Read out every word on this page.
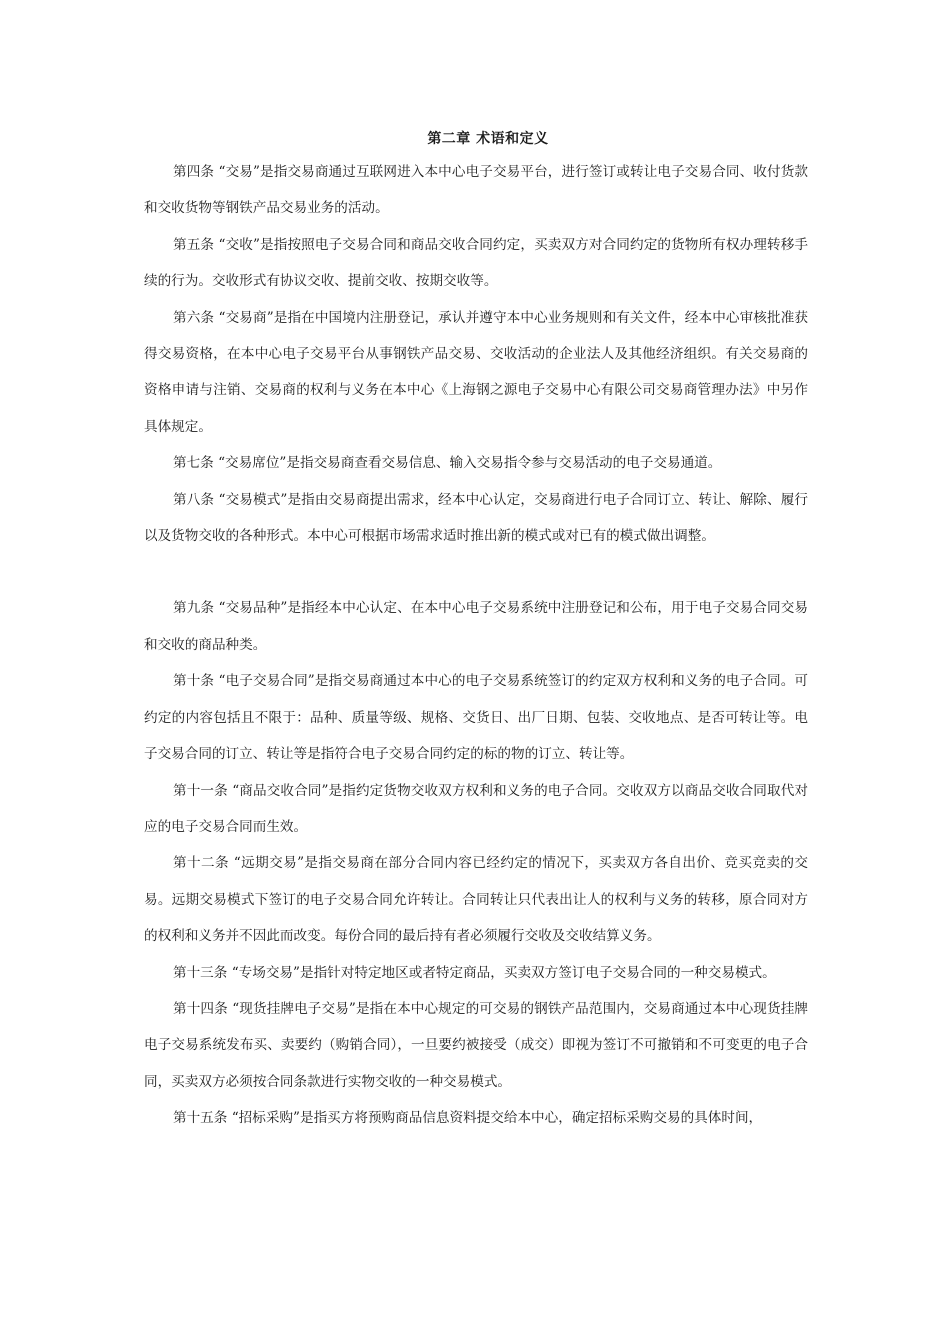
第二章 术语和定义

第四条 “交易”是指交易商通过互联网进入本中心电子交易平台，进行签订或转让电子交易合同、收付货款和交收货物等钢铁产品交易业务的活动。

第五条 “交收”是指按照电子交易合同和商品交收合同约定，买卖双方对合同约定的货物所有权办理转移手续的行为。交收形式有协议交收、提前交收、按期交收等。

第六条 “交易商”是指在中国境内注册登记，承认并遵守本中心业务规则和有关文件，经本中心审核批准获得交易资格，在本中心电子交易平台从事钢铁产品交易、交收活动的企业法人及其他经济组织。有关交易商的资格申请与注销、交易商的权利与义务在本中心《上海钢之源电子交易中心有限公司交易商管理办法》中另作具体规定。

第七条 “交易席位”是指交易商查看交易信息、输入交易指令参与交易活动的电子交易通道。

第八条 “交易模式”是指由交易商提出需求，经本中心认定，交易商进行电子合同订立、转让、解除、履行以及货物交收的各种形式。本中心可根据市场需求适时推出新的模式或对已有的模式做出调整。

第九条 “交易品种”是指经本中心认定、在本中心电子交易系统中注册登记和公布，用于电子交易合同交易和交收的商品种类。

第十条 “电子交易合同”是指交易商通过本中心的电子交易系统签订的约定双方权利和义务的电子合同。可约定的内容包括且不限于：品种、质量等级、规格、交货日、出厂日期、包装、交收地点、是否可转让等。电子交易合同的订立、转让等是指符合电子交易合同约定的标的物的订立、转让等。

第十一条 “商品交收合同”是指约定货物交收双方权利和义务的电子合同。交收双方以商品交收合同取代对应的电子交易合同而生效。

第十二条 “远期交易”是指交易商在部分合同内容已经约定的情况下，买卖双方各自出价、竞买竞卖的交易。远期交易模式下签订的电子交易合同允许转让。合同转让只代表出让人的权利与义务的转移，原合同对方的权利和义务并不因此而改变。每份合同的最后持有者必须履行交收及交收结算义务。

第十三条 “专场交易”是指针对特定地区或者特定商品，买卖双方签订电子交易合同的一种交易模式。

第十四条 “现货挂牌电子交易”是指在本中心规定的可交易的钢铁产品范围内，交易商通过本中心现货挂牌电子交易系统发布买、卖要约（购销合同），一旦要约被接受（成交）即视为签订不可撤销和不可变更的电子合同，买卖双方必须按合同条款进行实物交收的一种交易模式。

第十五条 “招标采购”是指买方将预购商品信息资料提交给本中心，确定招标采购交易的具体时间，
